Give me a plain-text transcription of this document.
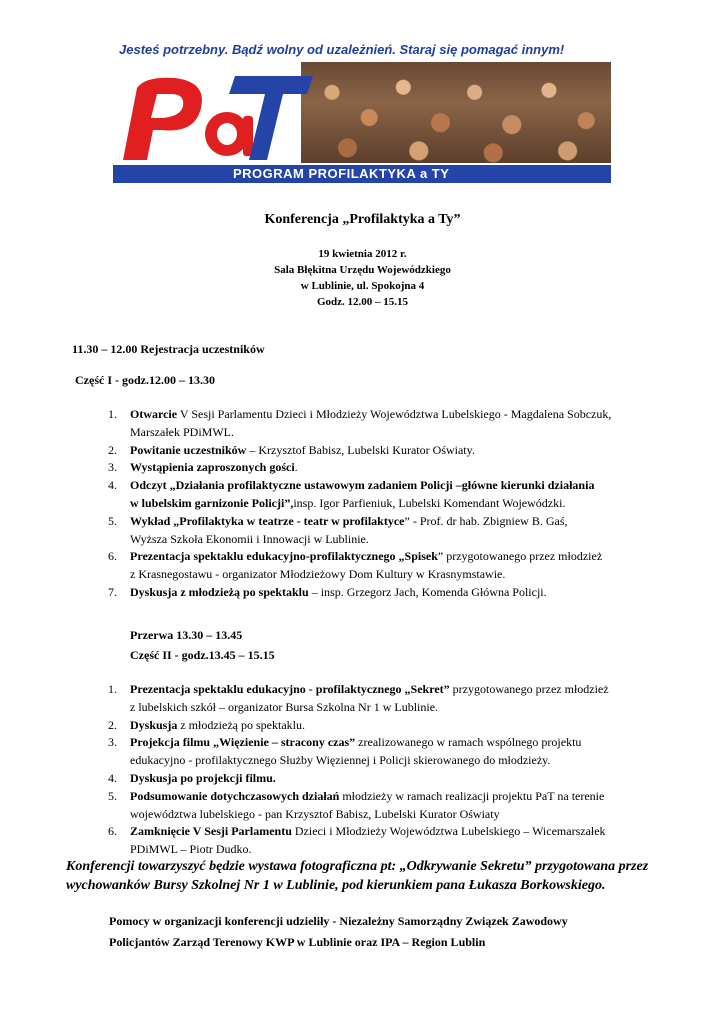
Jesteś potrzebny. Bądź wolny od uzależnień. Staraj się pomagać innym!
PROGRAM PROFILAKTYKA a TY
Konferencja „Profilaktyka a Ty”
19 kwietnia 2012 r.
Sala Błękitna Urzędu Wojewódzkiego
w Lublinie, ul. Spokojna 4
Godz. 12.00 – 15.15
11.30 – 12.00 Rejestracja uczestników
Część I - godz.12.00 – 13.30
1. Otwarcie V Sesji Parlamentu Dzieci i Młodzieży Województwa Lubelskiego - Magdalena Sobczuk,
Marszałek PDiMWL.
2. Powitanie uczestników – Krzysztof Babisz, Lubelski Kurator Oświaty.
3. Wystąpienia zaproszonych gości.
4. Odczyt „Działania profilaktyczne ustawowym zadaniem Policji –główne kierunki działania
w lubelskim garnizonie Policji”,insp. Igor Parfieniuk, Lubelski Komendant Wojewódzki.
5. Wykład „Profilaktyka w teatrze - teatr w profilaktyce” - Prof. dr hab. Zbigniew B. Gaś,
Wyższa Szkoła Ekonomii i Innowacji w Lublinie.
6. Prezentacja spektaklu edukacyjno-profilaktycznego „Spisek” przygotowanego przez młodzież
z Krasnegostawu - organizator Młodzieżowy Dom Kultury w Krasnymstawie.
7. Dyskusja z młodzieżą po spektaklu – insp. Grzegorz Jach, Komenda Główna Policji.
Przerwa 13.30 – 13.45
Część II - godz.13.45 – 15.15
1. Prezentacja spektaklu edukacyjno - profilaktycznego „Sekret” przygotowanego przez młodzież
z lubelskich szkół – organizator Bursa Szkolna Nr 1 w Lublinie.
2. Dyskusja z młodzieżą po spektaklu.
3. Projekcja filmu „Więzienie – stracony czas” zrealizowanego w ramach wspólnego projektu
edukacyjno - profilaktycznego Służby Więziennej i Policji skierowanego do młodzieży.
4. Dyskusja po projekcji filmu.
5. Podsumowanie dotychczasowych działań młodzieży w ramach realizacji projektu PaT na terenie
województwa lubelskiego - pan Krzysztof Babisz, Lubelski Kurator Oświaty
6. Zamknięcie V Sesji Parlamentu Dzieci i Młodzieży Województwa Lubelskiego – Wicemarszałek
PDiMWL – Piotr Dudko.
Konferencji towarzyszyć będzie wystawa fotograficzna pt: „Odkrywanie Sekretu” przygotowana przez wychowanków Bursy Szkolnej Nr 1 w Lublinie, pod kierunkiem pana Łukasza Borkowskiego.
Pomocy w organizacji konferencji udzieliły - Niezależny Samorządny Związek Zawodowy
Policjantów Zarząd Terenowy KWP w Lublinie oraz IPA – Region Lublin
